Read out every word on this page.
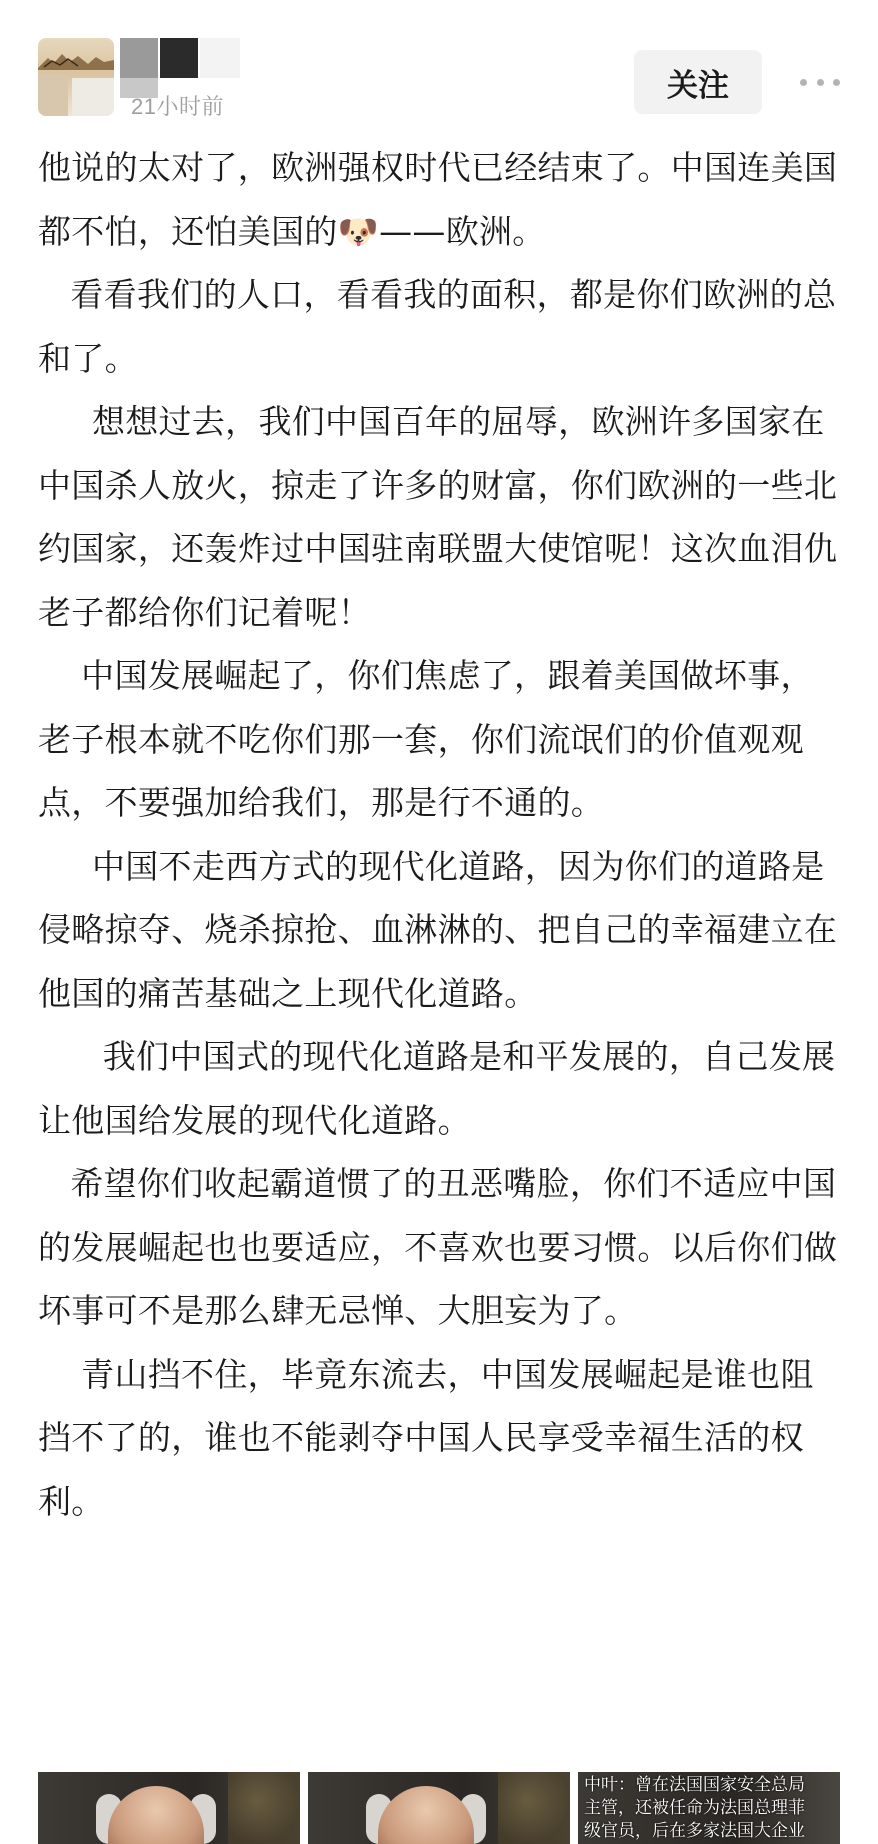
21小时前
关注

他说的太对了，欧洲强权时代已经结束了。中国连美国都不怕，还怕美国的🐶——欧洲。

看看我们的人口，看看我的面积，都是你们欧洲的总和了。

想想过去，我们中国百年的屈辱，欧洲许多国家在中国杀人放火，掠走了许多的财富，你们欧洲的一些北约国家，还轰炸过中国驻南联盟大使馆呢！这次血泪仇老子都给你们记着呢！

中国发展崛起了，你们焦虑了，跟着美国做坏事，老子根本就不吃你们那一套，你们流氓们的价值观观点，不要强加给我们，那是行不通的。

中国不走西方式的现代化道路，因为你们的道路是侵略掠夺、烧杀掠抢、血淋淋的、把自己的幸福建立在他国的痛苦基础之上现代化道路。

我们中国式的现代化道路是和平发展的，自己发展让他国给发展的现代化道路。

希望你们收起霸道惯了的丑恶嘴脸，你们不适应中国的发展崛起也也要适应，不喜欢也要习惯。以后你们做坏事可不是那么肆无忌惮、大胆妄为了。

青山挡不住，毕竟东流去，中国发展崛起是谁也阻挡不了的，谁也不能剥夺中国人民享受幸福生活的权利。

中叶：曾在法国国家安全总局
主管，还被任命为法国总理菲
级官员，后在多家法国大企业
